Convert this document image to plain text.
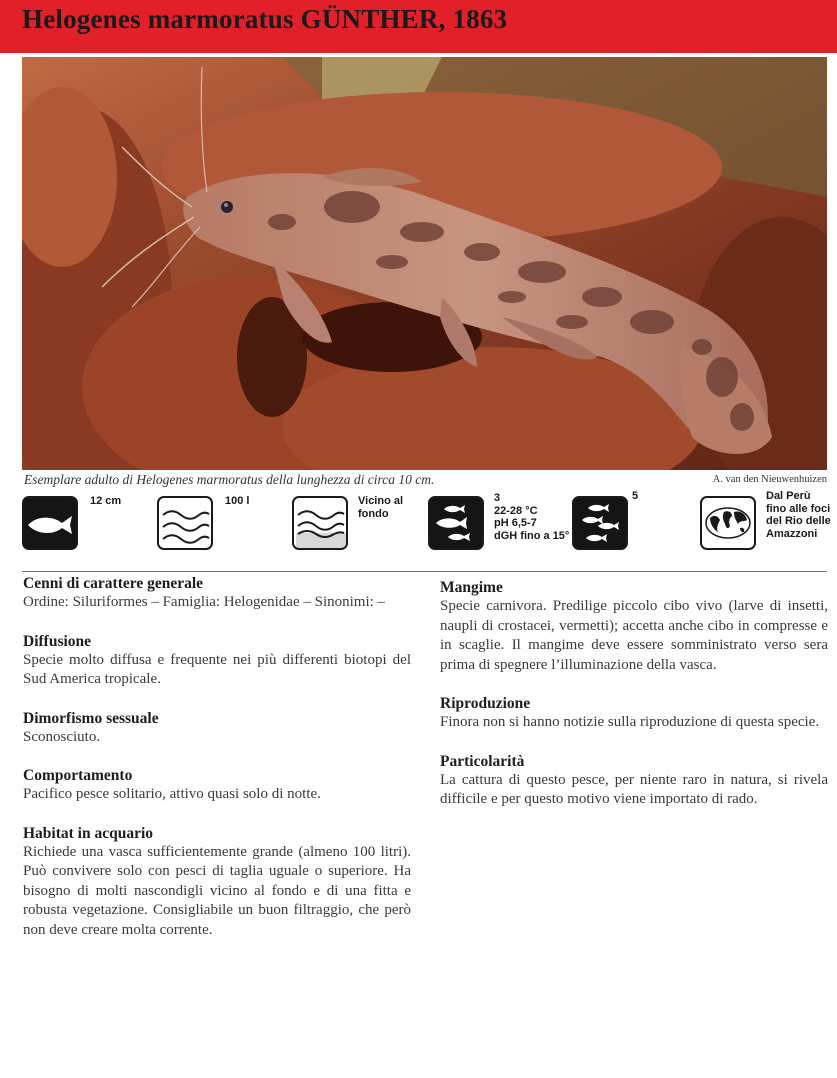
Helogenes marmoratus GÜNTHER, 1863
Esemplare adulto di Helogenes marmoratus della lunghezza di circa 10 cm.	A. van den Nieuwenhuizen
12 cm	100 l	Vicino al
fondo
3
22-28 °C
pH 6,5-7
dGH fino a 15°
5	Dal Perù
fino alle foci
del Rio delle
Amazzoni
Cenni di carattere generale
Ordine: Siluriformes – Famiglia: Helogenidae – Sinonimi: –
Diffusione
Specie molto diffusa e frequente nei più differenti biotopi del Sud America tropicale.
Dimorfismo sessuale
Sconosciuto.
Comportamento
Pacifico pesce solitario, attivo quasi solo di notte.
Habitat in acquario
Richiede una vasca sufficientemente grande (almeno 100 litri). Può convivere solo con pesci di taglia uguale o superiore. Ha bisogno di molti nascondigli vicino al fondo e di una fitta e robusta vegetazione. Consigliabile un buon filtraggio, che però non deve creare molta corrente.
Mangime
Specie carnivora. Predilige piccolo cibo vivo (larve di insetti, naupli di crostacei, vermetti); accetta anche cibo in compresse e in scaglie. Il mangime deve essere somministrato verso sera prima di spegnere l’illuminazione della vasca.
Riproduzione
Finora non si hanno notizie sulla riproduzione di questa specie.
Particolarità
La cattura di questo pesce, per niente raro in natura, si rivela difficile e per questo motivo viene importato di rado.
